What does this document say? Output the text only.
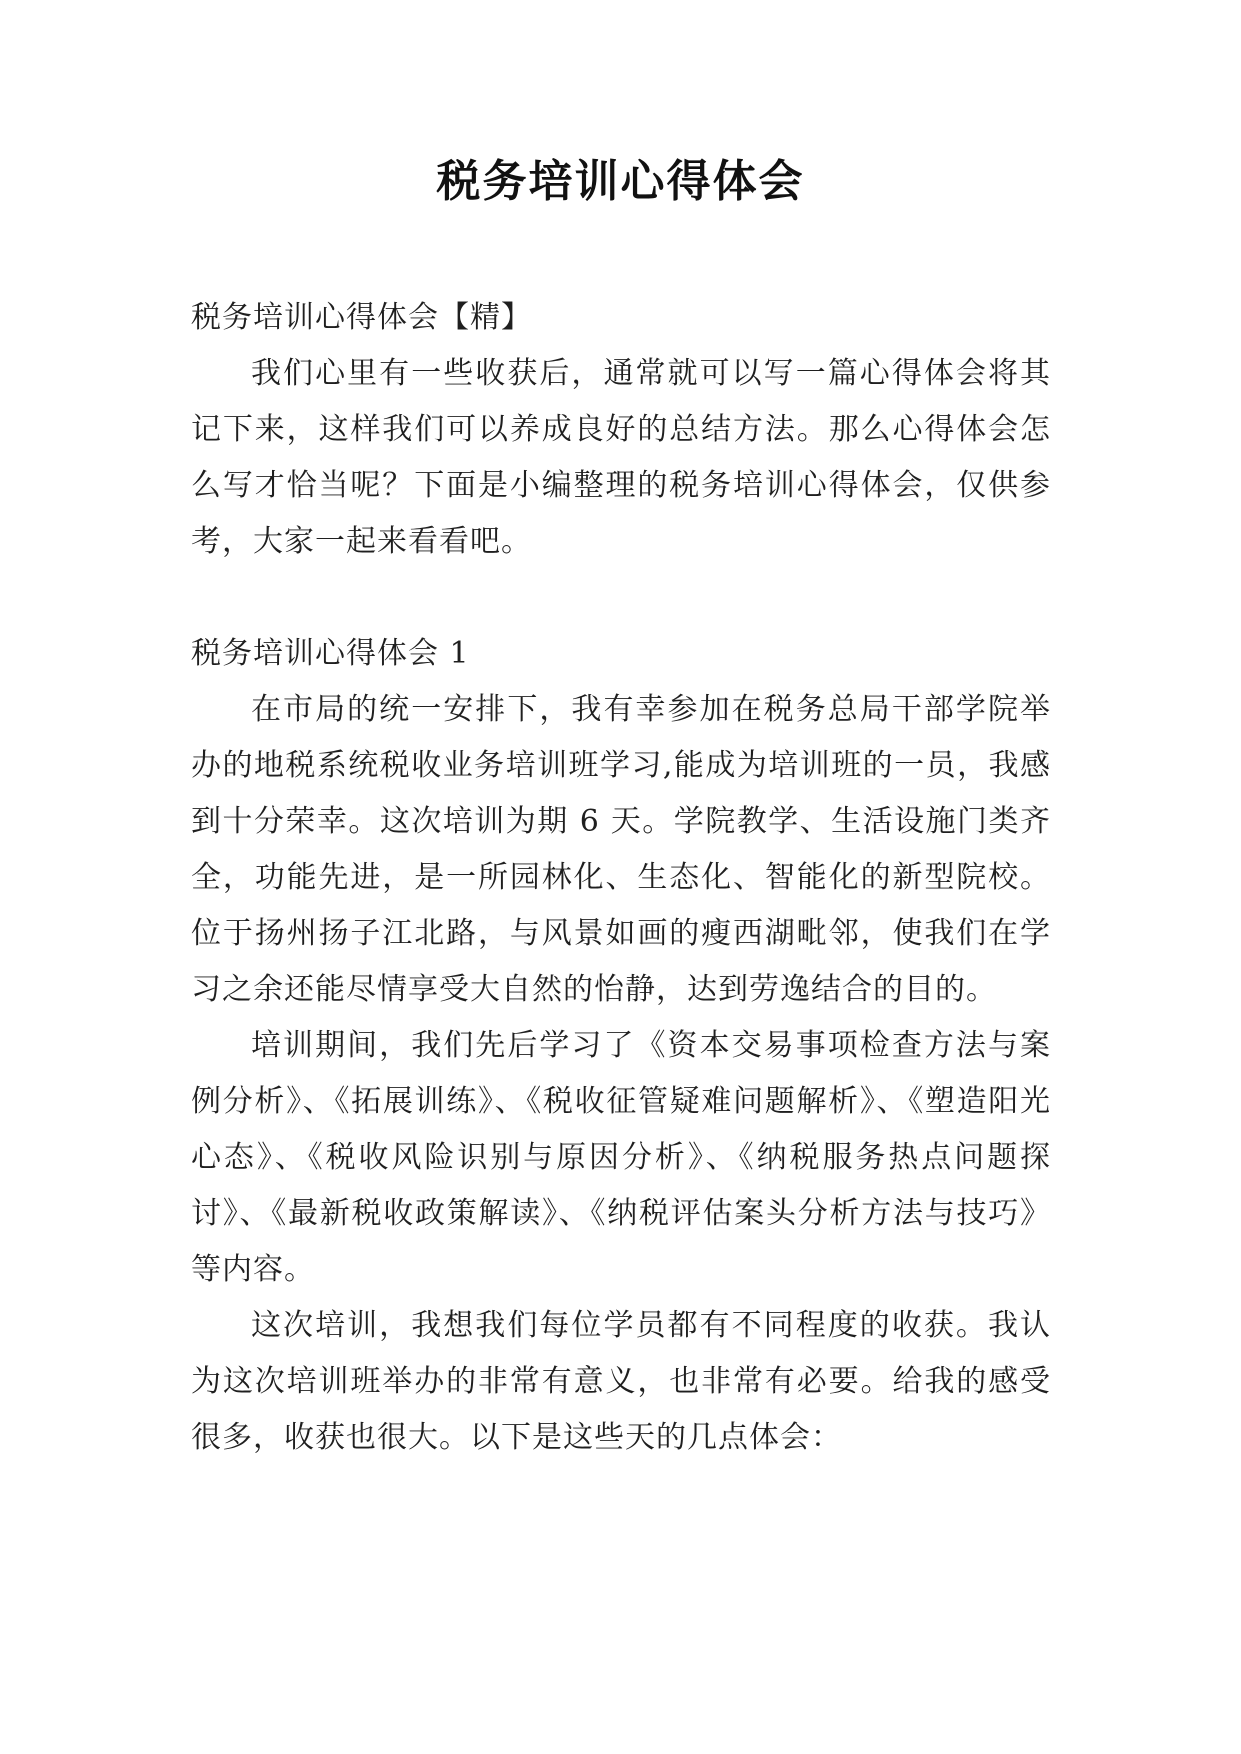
税务培训心得体会

税务培训心得体会【精】

我们心里有一些收获后，通常就可以写一篇心得体会将其记下来，这样我们可以养成良好的总结方法。那么心得体会怎么写才恰当呢？下面是小编整理的税务培训心得体会，仅供参考，大家一起来看看吧。

税务培训心得体会 1

在市局的统一安排下，我有幸参加在税务总局干部学院举办的地税系统税收业务培训班学习,能成为培训班的一员，我感到十分荣幸。这次培训为期 6 天。学院教学、生活设施门类齐全，功能先进，是一所园林化、生态化、智能化的新型院校。位于扬州扬子江北路，与风景如画的瘦西湖毗邻，使我们在学习之余还能尽情享受大自然的怡静，达到劳逸结合的目的。

培训期间，我们先后学习了《资本交易事项检查方法与案例分析》、《拓展训练》、《税收征管疑难问题解析》、《塑造阳光心态》、《税收风险识别与原因分析》、《纳税服务热点问题探讨》、《最新税收政策解读》、《纳税评估案头分析方法与技巧》等内容。

这次培训，我想我们每位学员都有不同程度的收获。我认为这次培训班举办的非常有意义，也非常有必要。给我的感受很多，收获也很大。以下是这些天的几点体会：
